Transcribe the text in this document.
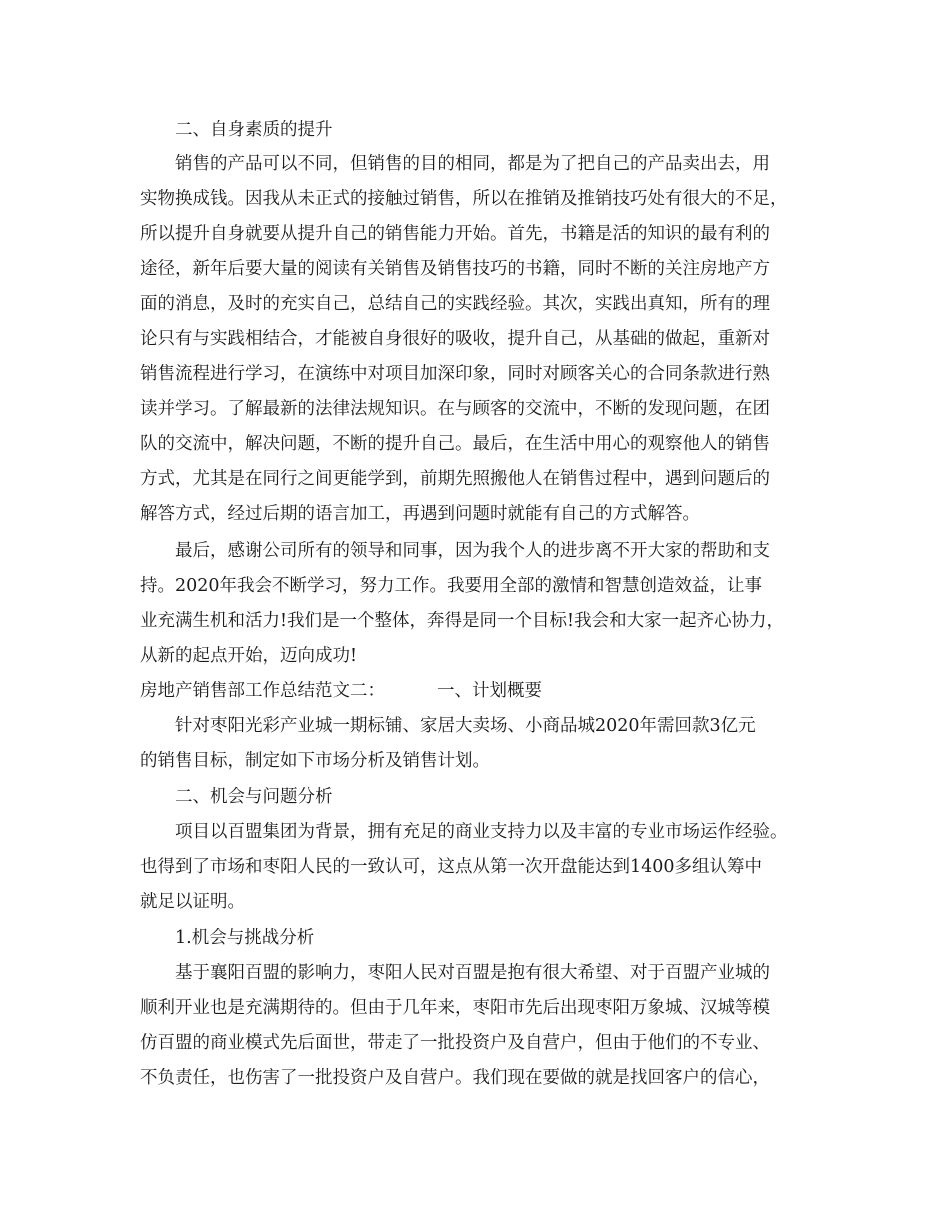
二、自身素质的提升
销售的产品可以不同，但销售的目的相同，都是为了把自己的产品卖出去，用
实物换成钱。因我从未正式的接触过销售，所以在推销及推销技巧处有很大的不足，
所以提升自身就要从提升自己的销售能力开始。首先，书籍是活的知识的最有利的
途径，新年后要大量的阅读有关销售及销售技巧的书籍，同时不断的关注房地产方
面的消息，及时的充实自己，总结自己的实践经验。其次，实践出真知，所有的理
论只有与实践相结合，才能被自身很好的吸收，提升自己，从基础的做起，重新对
销售流程进行学习，在演练中对项目加深印象，同时对顾客关心的合同条款进行熟
读并学习。了解最新的法律法规知识。在与顾客的交流中，不断的发现问题，在团
队的交流中，解决问题，不断的提升自己。最后，在生活中用心的观察他人的销售
方式，尤其是在同行之间更能学到，前期先照搬他人在销售过程中，遇到问题后的
解答方式，经过后期的语言加工，再遇到问题时就能有自己的方式解答。
最后，感谢公司所有的领导和同事，因为我个人的进步离不开大家的帮助和支
持。2020年我会不断学习，努力工作。我要用全部的激情和智慧创造效益，让事
业充满生机和活力!我们是一个整体，奔得是同一个目标!我会和大家一起齐心协力，
从新的起点开始，迈向成功!
房地产销售部工作总结范文二：	一、计划概要
针对枣阳光彩产业城一期标铺、家居大卖场、小商品城2020年需回款3亿元
的销售目标，制定如下市场分析及销售计划。
二、机会与问题分析
项目以百盟集团为背景，拥有充足的商业支持力以及丰富的专业市场运作经验。
也得到了市场和枣阳人民的一致认可，这点从第一次开盘能达到1400多组认筹中
就足以证明。
1.机会与挑战分析
基于襄阳百盟的影响力，枣阳人民对百盟是抱有很大希望、对于百盟产业城的
顺利开业也是充满期待的。但由于几年来，枣阳市先后出现枣阳万象城、汉城等模
仿百盟的商业模式先后面世，带走了一批投资户及自营户，但由于他们的不专业、
不负责任，也伤害了一批投资户及自营户。我们现在要做的就是找回客户的信心，
